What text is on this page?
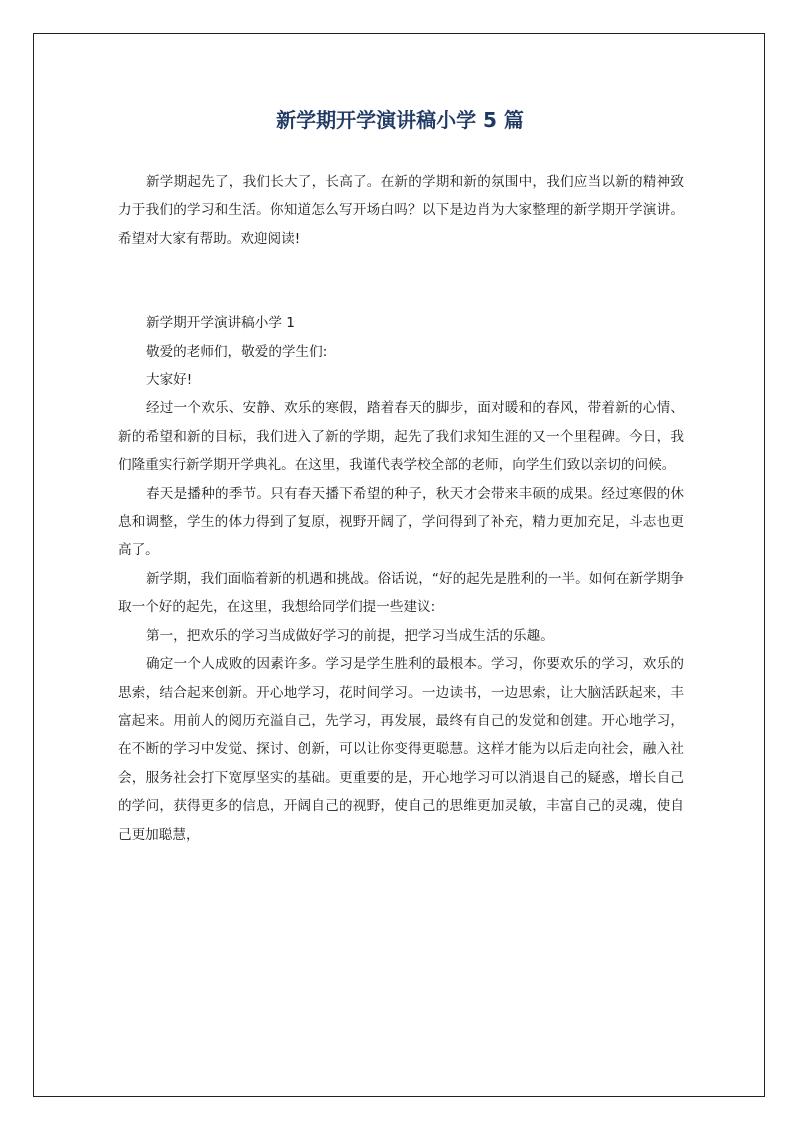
新学期开学演讲稿小学 5 篇

新学期起先了，我们长大了，长高了。在新的学期和新的氛围中，我们应当以新的精神致力于我们的学习和生活。你知道怎么写开场白吗？以下是边肖为大家整理的新学期开学演讲。希望对大家有帮助。欢迎阅读!

新学期开学演讲稿小学 1

敬爱的老师们，敬爱的学生们:

大家好!

经过一个欢乐、安静、欢乐的寒假，踏着春天的脚步，面对暖和的春风，带着新的心情、新的希望和新的目标，我们进入了新的学期，起先了我们求知生涯的又一个里程碑。今日，我们隆重实行新学期开学典礼。在这里，我谨代表学校全部的老师，向学生们致以亲切的问候。

春天是播种的季节。只有春天播下希望的种子，秋天才会带来丰硕的成果。经过寒假的休息和调整，学生的体力得到了复原，视野开阔了，学问得到了补充，精力更加充足，斗志也更高了。

新学期，我们面临着新的机遇和挑战。俗话说，“好的起先是胜利的一半。如何在新学期争取一个好的起先，在这里，我想给同学们提一些建议:

第一，把欢乐的学习当成做好学习的前提，把学习当成生活的乐趣。

确定一个人成败的因素许多。学习是学生胜利的最根本。学习，你要欢乐的学习，欢乐的思索，结合起来创新。开心地学习，花时间学习。一边读书，一边思索，让大脑活跃起来，丰富起来。用前人的阅历充溢自己，先学习，再发展，最终有自己的发觉和创建。开心地学习，在不断的学习中发觉、探讨、创新，可以让你变得更聪慧。这样才能为以后走向社会，融入社会，服务社会打下宽厚坚实的基础。更重要的是，开心地学习可以消退自己的疑惑，增长自己的学问，获得更多的信息，开阔自己的视野，使自己的思维更加灵敏，丰富自己的灵魂，使自己更加聪慧，
